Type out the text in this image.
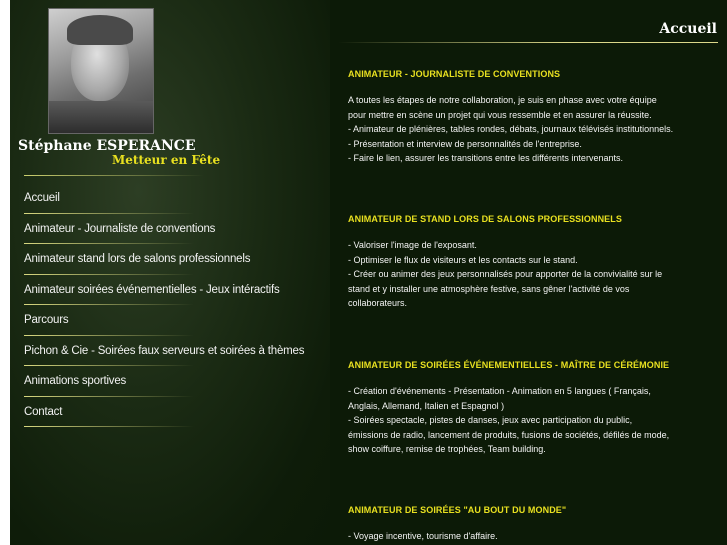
Stéphane ESPERANCE
Metteur en Fête
Accueil
Animateur - Journaliste de conventions
Animateur stand lors de salons professionnels
Animateur soirées événementielles - Jeux intéractifs
Parcours
Pichon & Cie - Soirées faux serveurs et soirées à thèmes
Animations sportives
Contact
Accueil
ANIMATEUR - JOURNALISTE DE CONVENTIONS

A toutes les étapes de notre collaboration, je suis en phase avec votre équipe
pour mettre en scène un projet qui vous ressemble et en assurer la réussite.
- Animateur de plénières, tables rondes, débats, journaux télévisés institutionnels.
- Présentation et interview de personnalités de l'entreprise.
- Faire le lien, assurer les transitions entre les différents intervenants.

ANIMATEUR DE STAND LORS DE SALONS PROFESSIONNELS

- Valoriser l'image de l'exposant.
- Optimiser le flux de visiteurs et les contacts sur le stand.
- Créer ou animer des jeux personnalisés pour apporter de la convivialité sur le
stand et y installer une atmosphère festive, sans gêner l'activité de vos
collaborateurs.

ANIMATEUR DE SOIRÉES ÉVÉNEMENTIELLES - MAÎTRE DE CÉRÉMONIE

- Création d'événements - Présentation - Animation en 5 langues ( Français,
Anglais, Allemand, Italien et Espagnol )
- Soirées spectacle, pistes de danses, jeux avec participation du public,
émissions de radio, lancement de produits, fusions de sociétés, défilés de mode,
show coiffure, remise de trophées, Team building.

ANIMATEUR DE SOIRÉES "AU BOUT DU MONDE"

- Voyage incentive, tourisme d'affaire.
